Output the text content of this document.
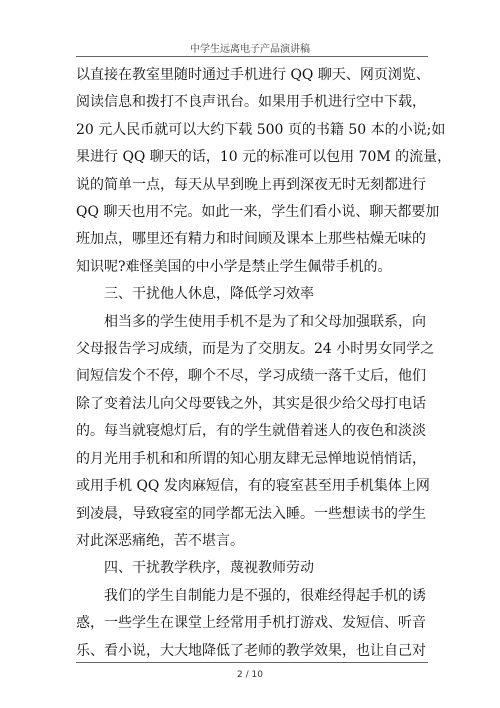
中学生远离电子产品演讲稿
以直接在教室里随时通过手机进行 QQ 聊天、网页浏览、
阅读信息和拨打不良声讯台。如果用手机进行空中下载，
20 元人民币就可以大约下载 500 页的书籍 50 本的小说;如
果进行 QQ 聊天的话，10 元的标准可以包用 70M 的流量，
说的简单一点，每天从早到晚上再到深夜无时无刻都进行
QQ 聊天也用不完。如此一来，学生们看小说、聊天都要加
班加点，哪里还有精力和时间顾及课本上那些枯燥无味的
知识呢?难怪美国的中小学是禁止学生佩带手机的。
三、干扰他人休息，降低学习效率
相当多的学生使用手机不是为了和父母加强联系，向
父母报告学习成绩，而是为了交朋友。24 小时男女同学之
间短信发个不停，聊个不尽，学习成绩一落千丈后，他们
除了变着法儿向父母要钱之外，其实是很少给父母打电话
的。每当就寝熄灯后，有的学生就借着迷人的夜色和淡淡
的月光用手机和和所谓的知心朋友肆无忌惮地说悄悄话，
或用手机 QQ 发肉麻短信，有的寝室甚至用手机集体上网
到凌晨，导致寝室的同学都无法入睡。一些想读书的学生
对此深恶痛绝，苦不堪言。
四、干扰教学秩序，蔑视教师劳动
我们的学生自制能力是不强的，很难经得起手机的诱
惑，一些学生在课堂上经常用手机打游戏、发短信、听音
乐、看小说，大大地降低了老师的教学效果，也让自己对
2 / 10
